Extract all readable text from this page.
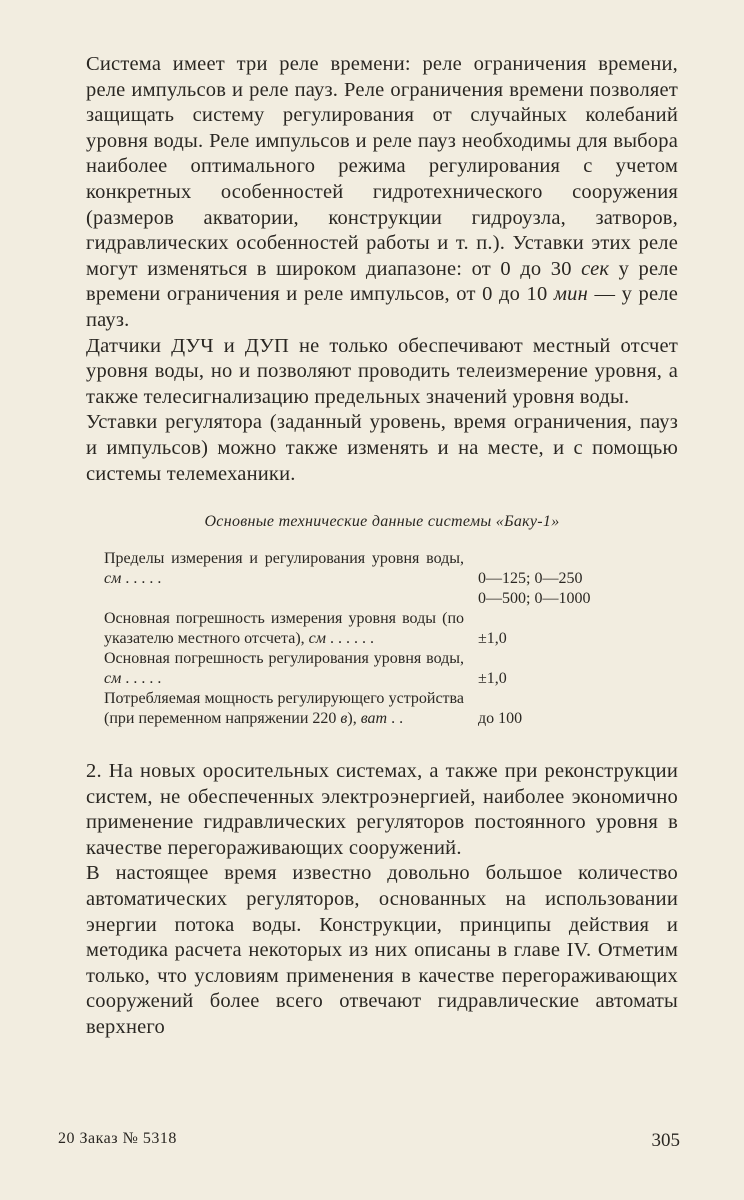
Система имеет три реле времени: реле ограничения времени, реле импульсов и реле пауз. Реле ограничения времени позволяет защищать систему регулирования от случайных колебаний уровня воды. Реле импульсов и реле пауз необходимы для выбора наиболее оптимального режима регулирования с учетом конкретных особенностей гидротехнического сооружения (размеров акватории, конструкции гидроузла, затворов, гидравлических особенностей работы и т. п.). Уставки этих реле могут изменяться в широком диапазоне: от 0 до 30 сек у реле времени ограничения и реле импульсов, от 0 до 10 мин — у реле пауз.

Датчики ДУЧ и ДУП не только обеспечивают местный отсчет уровня воды, но и позволяют проводить телеизмерение уровня, а также телесигнализацию предельных значений уровня воды.

Уставки регулятора (заданный уровень, время ограничения, пауз и импульсов) можно также изменять и на месте, и с помощью системы телемеханики.

Основные технические данные системы «Баку-1»
Пределы измерения и регулирования уровня воды, см . . . . .	0—125; 0—250
0—500; 0—1000
Основная погрешность измерения уровня воды (по указателю местного отсчета), см . . . . . .	±1,0
Основная погрешность регулирования уровня воды, см . . . . .	±1,0
Потребляемая мощность регулирующего устройства (при переменном напряжении 220 в), ват . .	до 100

2. На новых оросительных системах, а также при реконструкции систем, не обеспеченных электроэнергией, наиболее экономично применение гидравлических регуляторов постоянного уровня в качестве перегораживающих сооружений.

В настоящее время известно довольно большое количество автоматических регуляторов, основанных на использовании энергии потока воды. Конструкции, принципы действия и методика расчета некоторых из них описаны в главе IV. Отметим только, что условиям применения в качестве перегораживающих сооружений более всего отвечают гидравлические автоматы верхнего

20 Заказ № 5318	305
